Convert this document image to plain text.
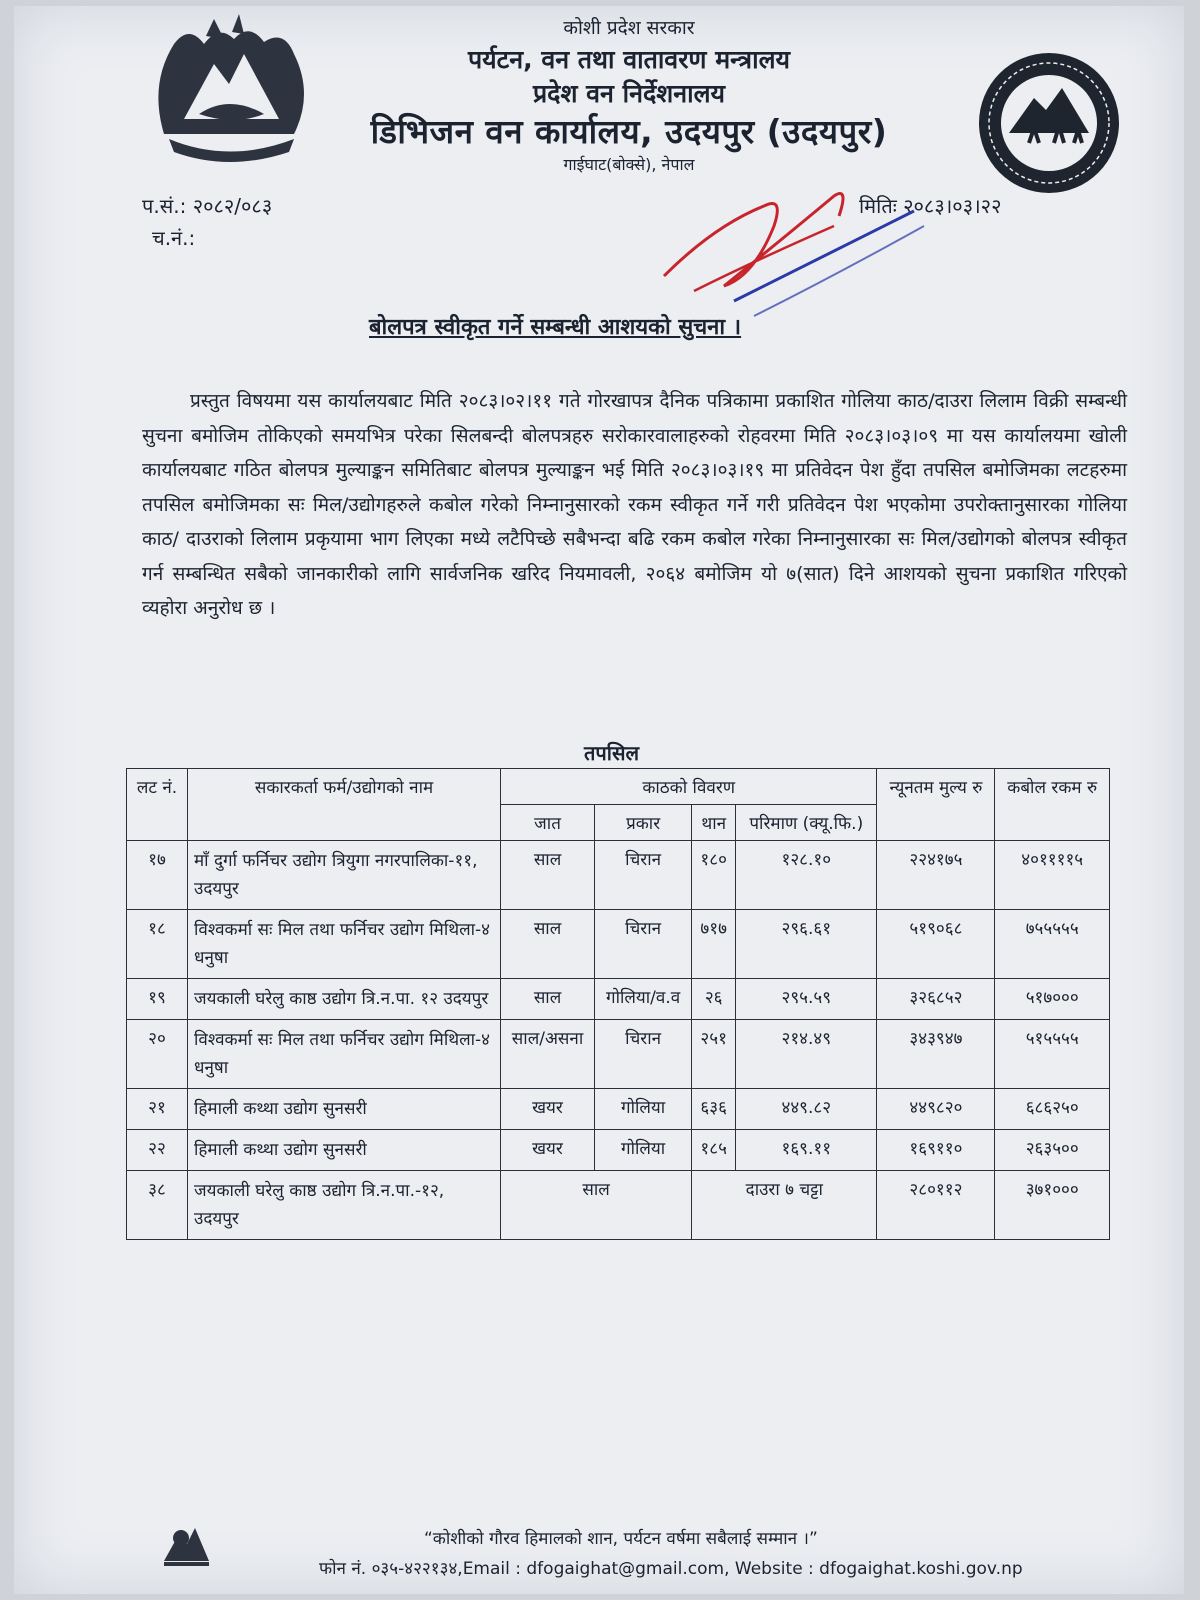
कोशी प्रदेश सरकार
पर्यटन, वन तथा वातावरण मन्त्रालय
प्रदेश वन निर्देशनालय
डिभिजन वन कार्यालय, उदयपुर (उदयपुर)
गाईघाट(बोक्से), नेपाल
प.सं.: २०८२/०८३
च.नं.:
मितिः २०८३।०३।२२
बोलपत्र स्वीकृत गर्ने सम्बन्धी आशयको सुचना ।
प्रस्तुत विषयमा यस कार्यालयबाट मिति २०८३।०२।११ गते गोरखापत्र दैनिक पत्रिकामा प्रकाशित गोलिया काठ/दाउरा लिलाम विक्री सम्बन्धी सुचना बमोजिम तोकिएको समयभित्र परेका सिलबन्दी बोलपत्रहरु सरोकारवालाहरुको रोहवरमा मिति २०८३।०३।०९ मा यस कार्यालयमा खोली कार्यालयबाट गठित बोलपत्र मुल्याङ्कन समितिबाट बोलपत्र मुल्याङ्कन भई मिति २०८३।०३।१९ मा प्रतिवेदन पेश हुँदा तपसिल बमोजिमका लटहरुमा तपसिल बमोजिमका सः मिल/उद्योगहरुले कबोल गरेको निम्नानुसारको रकम स्वीकृत गर्ने गरी प्रतिवेदन पेश भएकोमा उपरोक्तानुसारका गोलिया काठ/ दाउराको लिलाम प्रकृयामा भाग लिएका मध्ये लटैपिच्छे सबैभन्दा बढि रकम कबोल गरेका निम्नानुसारका सः मिल/उद्योगको बोलपत्र स्वीकृत गर्न सम्बन्धित सबैको जानकारीको लागि सार्वजनिक खरिद नियमावली, २०६४ बमोजिम यो ७(सात) दिने आशयको सुचना प्रकाशित गरिएको व्यहोरा अनुरोध छ ।
तपसिल
लट नं.	सकारकर्ता फर्म/उद्योगको नाम	काठको विवरण				न्यूनतम मुल्य रु	कबोल रकम रु
		जात	प्रकार	थान	परिमाण (क्यू.फि.)		
१७	माँ दुर्गा फर्निचर उद्योग त्रियुगा नगरपालिका-११, उदयपुर	साल	चिरान	१८०	१२८.१०	२२४१७५	४०११११५
१८	विश्वकर्मा सः मिल तथा फर्निचर उद्योग मिथिला-४ धनुषा	साल	चिरान	७१७	२९६.६१	५१९०६८	७५५५५५
१९	जयकाली घरेलु काष्ठ उद्योग त्रि.न.पा. १२ उदयपुर	साल	गोलिया/व.व	२६	२९५.५९	३२६८५२	५१७०००
२०	विश्वकर्मा सः मिल तथा फर्निचर उद्योग मिथिला-४ धनुषा	साल/असना	चिरान	२५१	२१४.४९	३४३९४७	५१५५५५
२१	हिमाली कथ्था उद्योग सुनसरी	खयर	गोलिया	६३६	४४९.८२	४४९८२०	६८६२५०
२२	हिमाली कथ्था उद्योग सुनसरी	खयर	गोलिया	१८५	१६९.११	१६९११०	२६३५००
३८	जयकाली घरेलु काष्ठ उद्योग त्रि.न.पा.-१२, उदयपुर	साल		दाउरा ७ चट्टा		२८०११२	३७१०००
“कोशीको गौरव हिमालको शान, पर्यटन वर्षमा सबैलाई सम्मान ।”
फोन नं. ०३५-४२२१३४,Email : dfogaighat@gmail.com, Website : dfogaighat.koshi.gov.np
